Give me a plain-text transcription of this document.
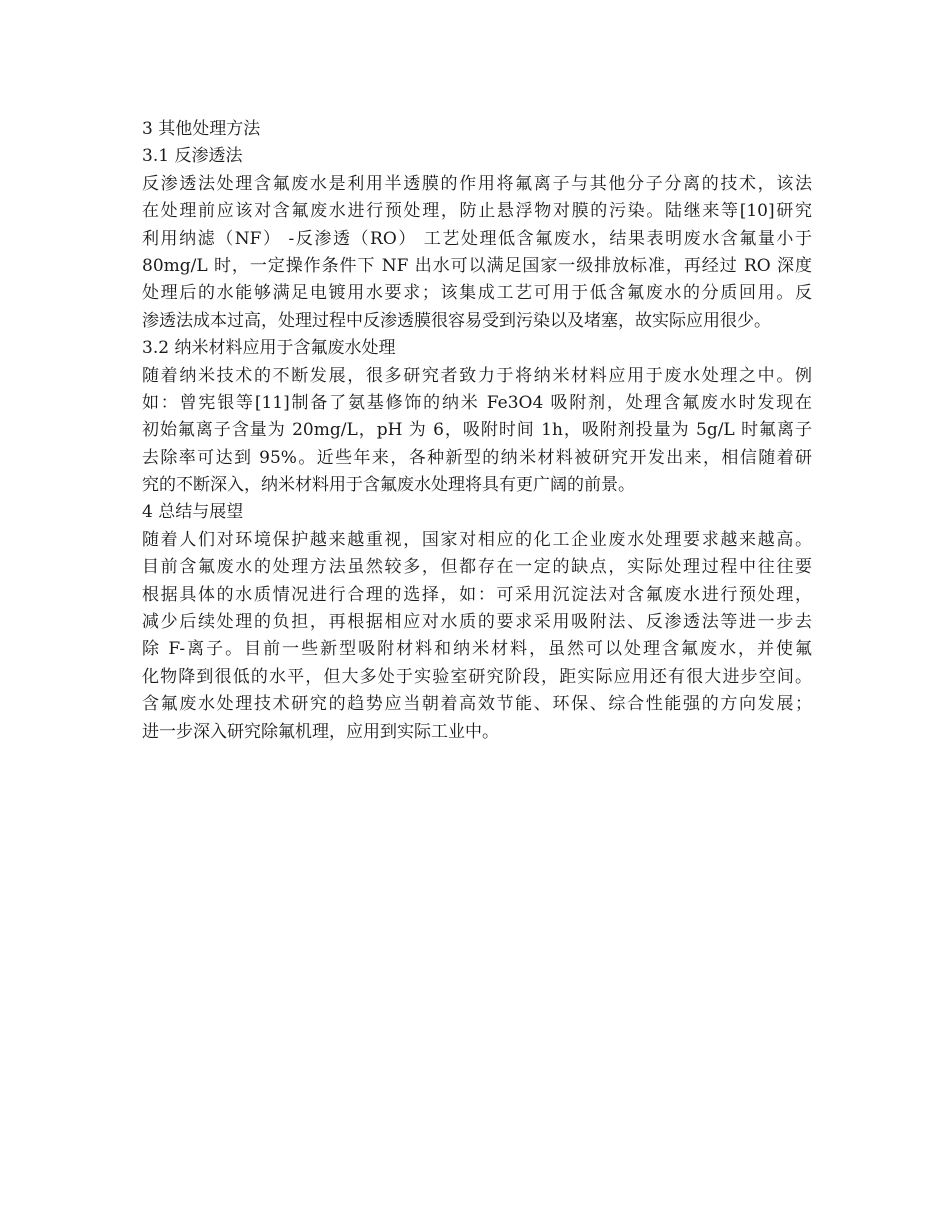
3 其他处理方法
3.1 反渗透法
反渗透法处理含氟废水是利用半透膜的作用将氟离子与其他分子分离的技术，该法
在处理前应该对含氟废水进行预处理，防止悬浮物对膜的污染。陆继来等[10]研究
利用纳滤（NF） -反渗透（RO） 工艺处理低含氟废水，结果表明废水含氟量小于
80mg/L 时，一定操作条件下 NF 出水可以满足国家一级排放标准，再经过 RO 深度
处理后的水能够满足电镀用水要求；该集成工艺可用于低含氟废水的分质回用。反
渗透法成本过高，处理过程中反渗透膜很容易受到污染以及堵塞，故实际应用很少。
3.2 纳米材料应用于含氟废水处理
随着纳米技术的不断发展，很多研究者致力于将纳米材料应用于废水处理之中。例
如：曾宪银等[11]制备了氨基修饰的纳米 Fe3O4 吸附剂，处理含氟废水时发现在
初始氟离子含量为 20mg/L，pH 为 6，吸附时间 1h，吸附剂投量为 5g/L 时氟离子
去除率可达到 95%。近些年来，各种新型的纳米材料被研究开发出来，相信随着研
究的不断深入，纳米材料用于含氟废水处理将具有更广阔的前景。
4 总结与展望
随着人们对环境保护越来越重视，国家对相应的化工企业废水处理要求越来越高。
目前含氟废水的处理方法虽然较多，但都存在一定的缺点，实际处理过程中往往要
根据具体的水质情况进行合理的选择，如：可采用沉淀法对含氟废水进行预处理，
减少后续处理的负担，再根据相应对水质的要求采用吸附法、反渗透法等进一步去
除 F-离子。目前一些新型吸附材料和纳米材料，虽然可以处理含氟废水，并使氟
化物降到很低的水平，但大多处于实验室研究阶段，距实际应用还有很大进步空间。
含氟废水处理技术研究的趋势应当朝着高效节能、环保、综合性能强的方向发展；
进一步深入研究除氟机理，应用到实际工业中。
